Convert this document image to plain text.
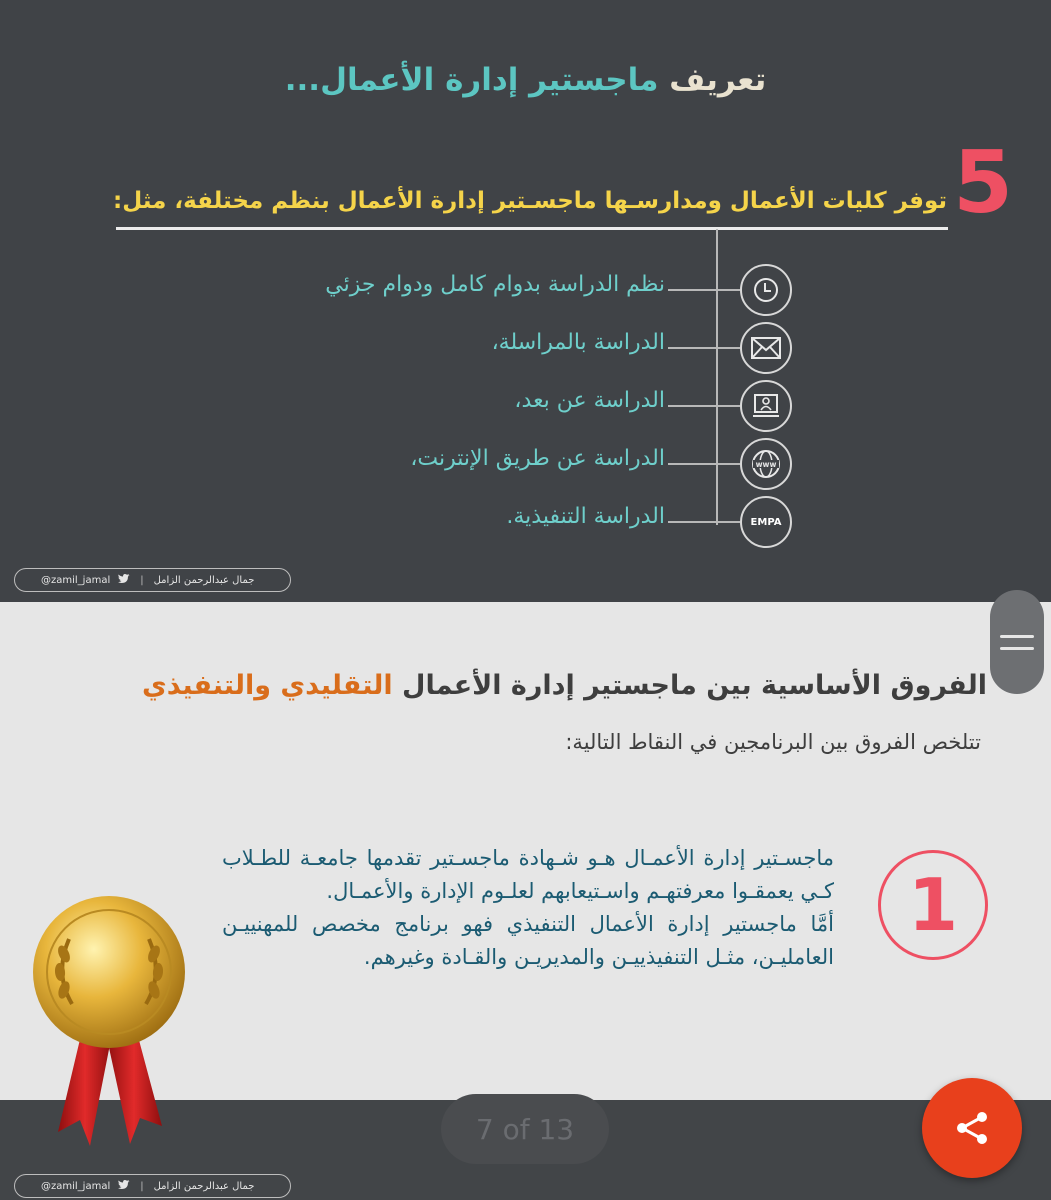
تعريف ماجستير إدارة الأعمال...
5
توفر كليات الأعمال ومدارسـها ماجسـتير إدارة الأعمال بنظم مختلفة، مثل:
نظم الدراسة بدوام كامل ودوام جزئي
الدراسة بالمراسلة،
الدراسة عن بعد،
www
الدراسة عن طريق الإنترنت،
EMPA
الدراسة التنفيذية.
@zamil_jamal	| جمال عبدالرحمن الزامل
الفروق الأساسية بين ماجستير إدارة الأعمال التقليدي والتنفيذي
تتلخص الفروق بين البرنامجين في النقاط التالية:
1

ماجسـتير إدارة الأعمـال هـو شـهادة ماجسـتير تقدمها جامعـة للطـلاب كـي يعمقـوا معرفتهـم واسـتيعابهم لعلـوم الإدارة والأعمـال.

أمَّا ماجستير إدارة الأعمال التنفيذي فهو برنامج مخصص للمهنييـن العامليـن، مثـل التنفيذييـن والمديريـن والقـادة وغيرهم.

7 of 13
@zamil_jamal	| جمال عبدالرحمن الزامل
